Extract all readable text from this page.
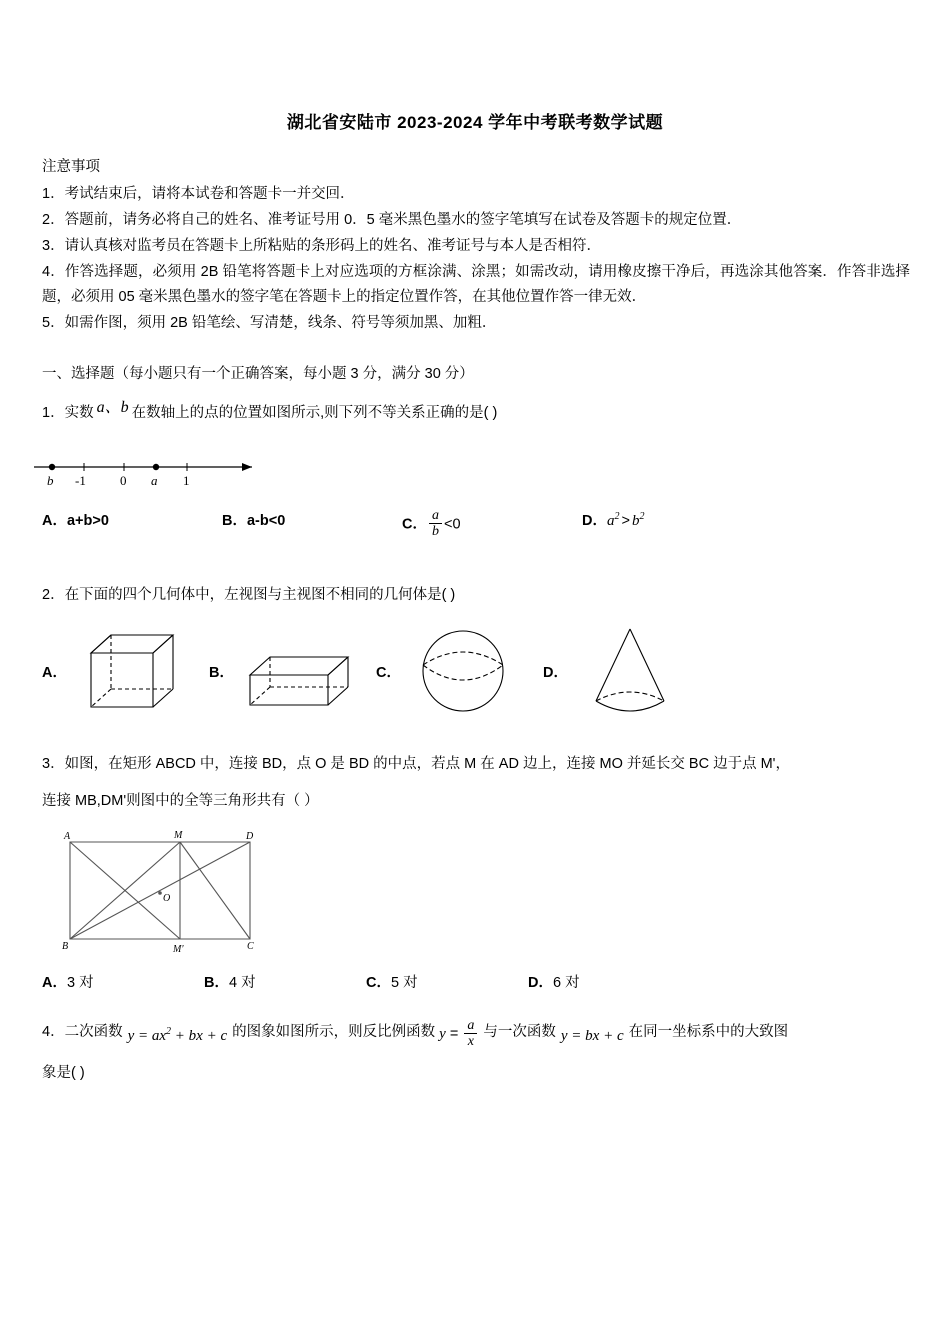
湖北省安陆市 2023-2024 学年中考联考数学试题
注意事项
1．考试结束后，请将本试卷和答题卡一并交回．
2．答题前，请务必将自己的姓名、准考证号用 0．5 毫米黑色墨水的签字笔填写在试卷及答题卡的规定位置．
3．请认真核对监考员在答题卡上所粘贴的条形码上的姓名、准考证号与本人是否相符．
4．作答选择题，必须用 2B 铅笔将答题卡上对应选项的方框涂满、涂黑；如需改动，请用橡皮擦干净后，再选涂其他答案．作答非选择题，必须用 05 毫米黑色墨水的签字笔在答题卡上的指定位置作答，在其他位置作答一律无效．
5．如需作图，须用 2B 铅笔绘、写清楚，线条、符号等须加黑、加粗．
一、选择题（每小题只有一个正确答案，每小题 3 分，满分 30 分）
1．实数 a、b 在数轴上的点的位置如图所示,则下列不等关系正确的是( )
b -1	0 a 1
A．a+b>0	B．a-b<0	C． $\frac{a}{b} <0$	D．$a^2 > b^2$
2．在下面的四个几何体中，左视图与主视图不相同的几何体是( )
A．	B．	C．	D．
3．如图，在矩形 ABCD 中，连接 BD，点 O 是 BD 的中点，若点 M 在 AD 边上，连接 MO 并延长交 BC 边于点 M'，
连接 MB,DM'则图中的全等三角形共有（ ）
A	M	D
O
B	M'	C
A．3 对	B．4 对	C．5 对	D．6 对
4．二次函数 $y = ax^2$ + bx + c 的图象如图所示，则反比例函数 $y = \frac{a}{x}$ 与一次函数 y = bx + c 在同一坐标系中的大致图
象是( )
